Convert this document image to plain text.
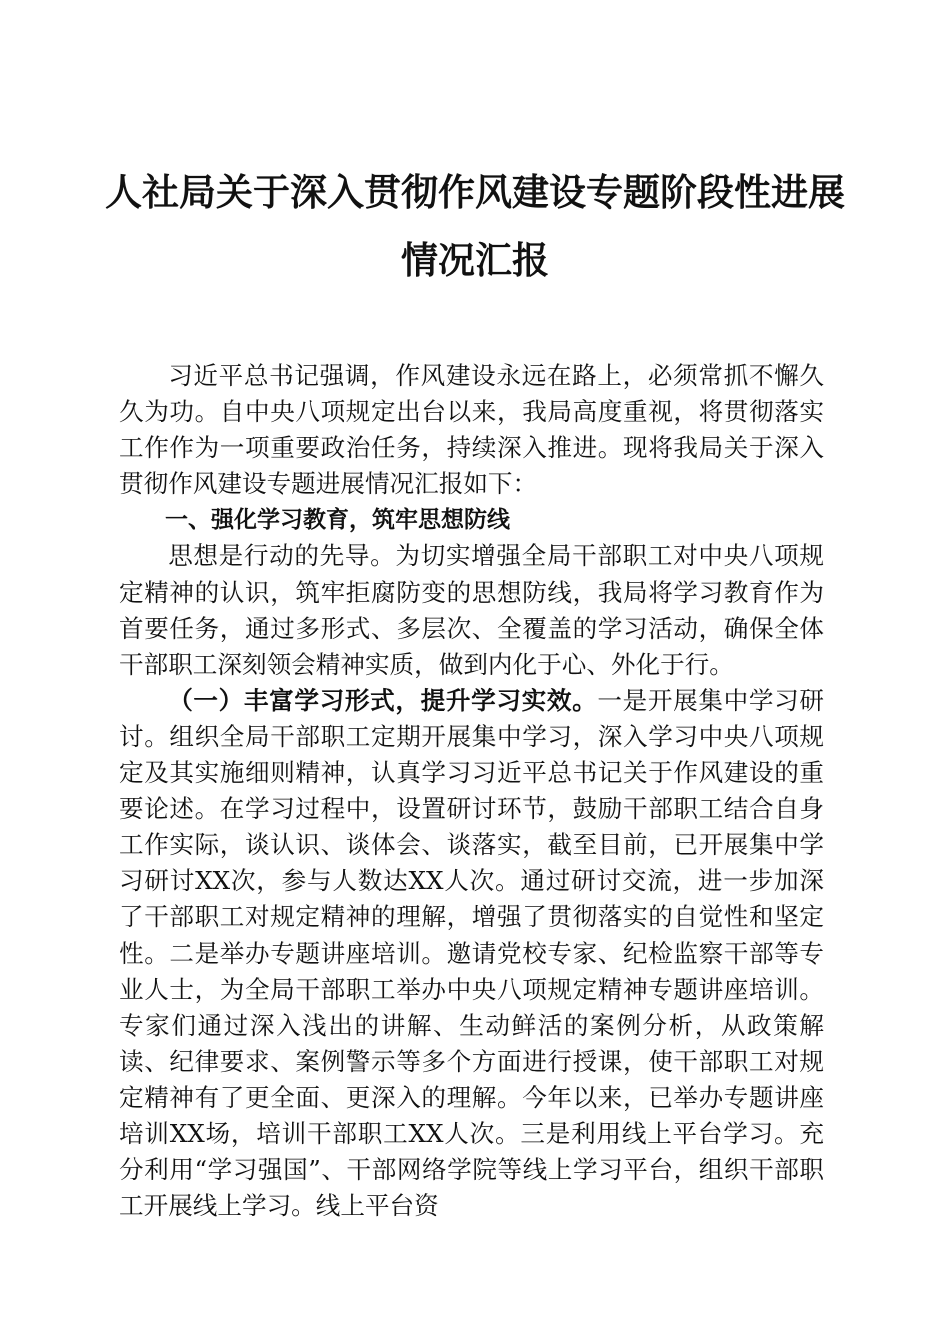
人社局关于深入贯彻作风建设专题阶段性进展
情况汇报

习近平总书记强调，作风建设永远在路上，必须常抓不懈久久为功。自中央八项规定出台以来，我局高度重视，将贯彻落实工作作为一项重要政治任务，持续深入推进。现将我局关于深入贯彻作风建设专题进展情况汇报如下：

一、强化学习教育，筑牢思想防线

思想是行动的先导。为切实增强全局干部职工对中央八项规定精神的认识，筑牢拒腐防变的思想防线，我局将学习教育作为首要任务，通过多形式、多层次、全覆盖的学习活动，确保全体干部职工深刻领会精神实质，做到内化于心、外化于行。

（一）丰富学习形式，提升学习实效。一是开展集中学习研讨。组织全局干部职工定期开展集中学习，深入学习中央八项规定及其实施细则精神，认真学习习近平总书记关于作风建设的重要论述。在学习过程中，设置研讨环节，鼓励干部职工结合自身工作实际，谈认识、谈体会、谈落实，截至目前，已开展集中学习研讨XX次，参与人数达XX人次。通过研讨交流，进一步加深了干部职工对规定精神的理解，增强了贯彻落实的自觉性和坚定性。二是举办专题讲座培训。邀请党校专家、纪检监察干部等专业人士，为全局干部职工举办中央八项规定精神专题讲座培训。专家们通过深入浅出的讲解、生动鲜活的案例分析，从政策解读、纪律要求、案例警示等多个方面进行授课，使干部职工对规定精神有了更全面、更深入的理解。今年以来，已举办专题讲座培训XX场，培训干部职工XX人次。三是利用线上平台学习。充分利用“学习强国”、干部网络学院等线上学习平台，组织干部职工开展线上学习。线上平台资
